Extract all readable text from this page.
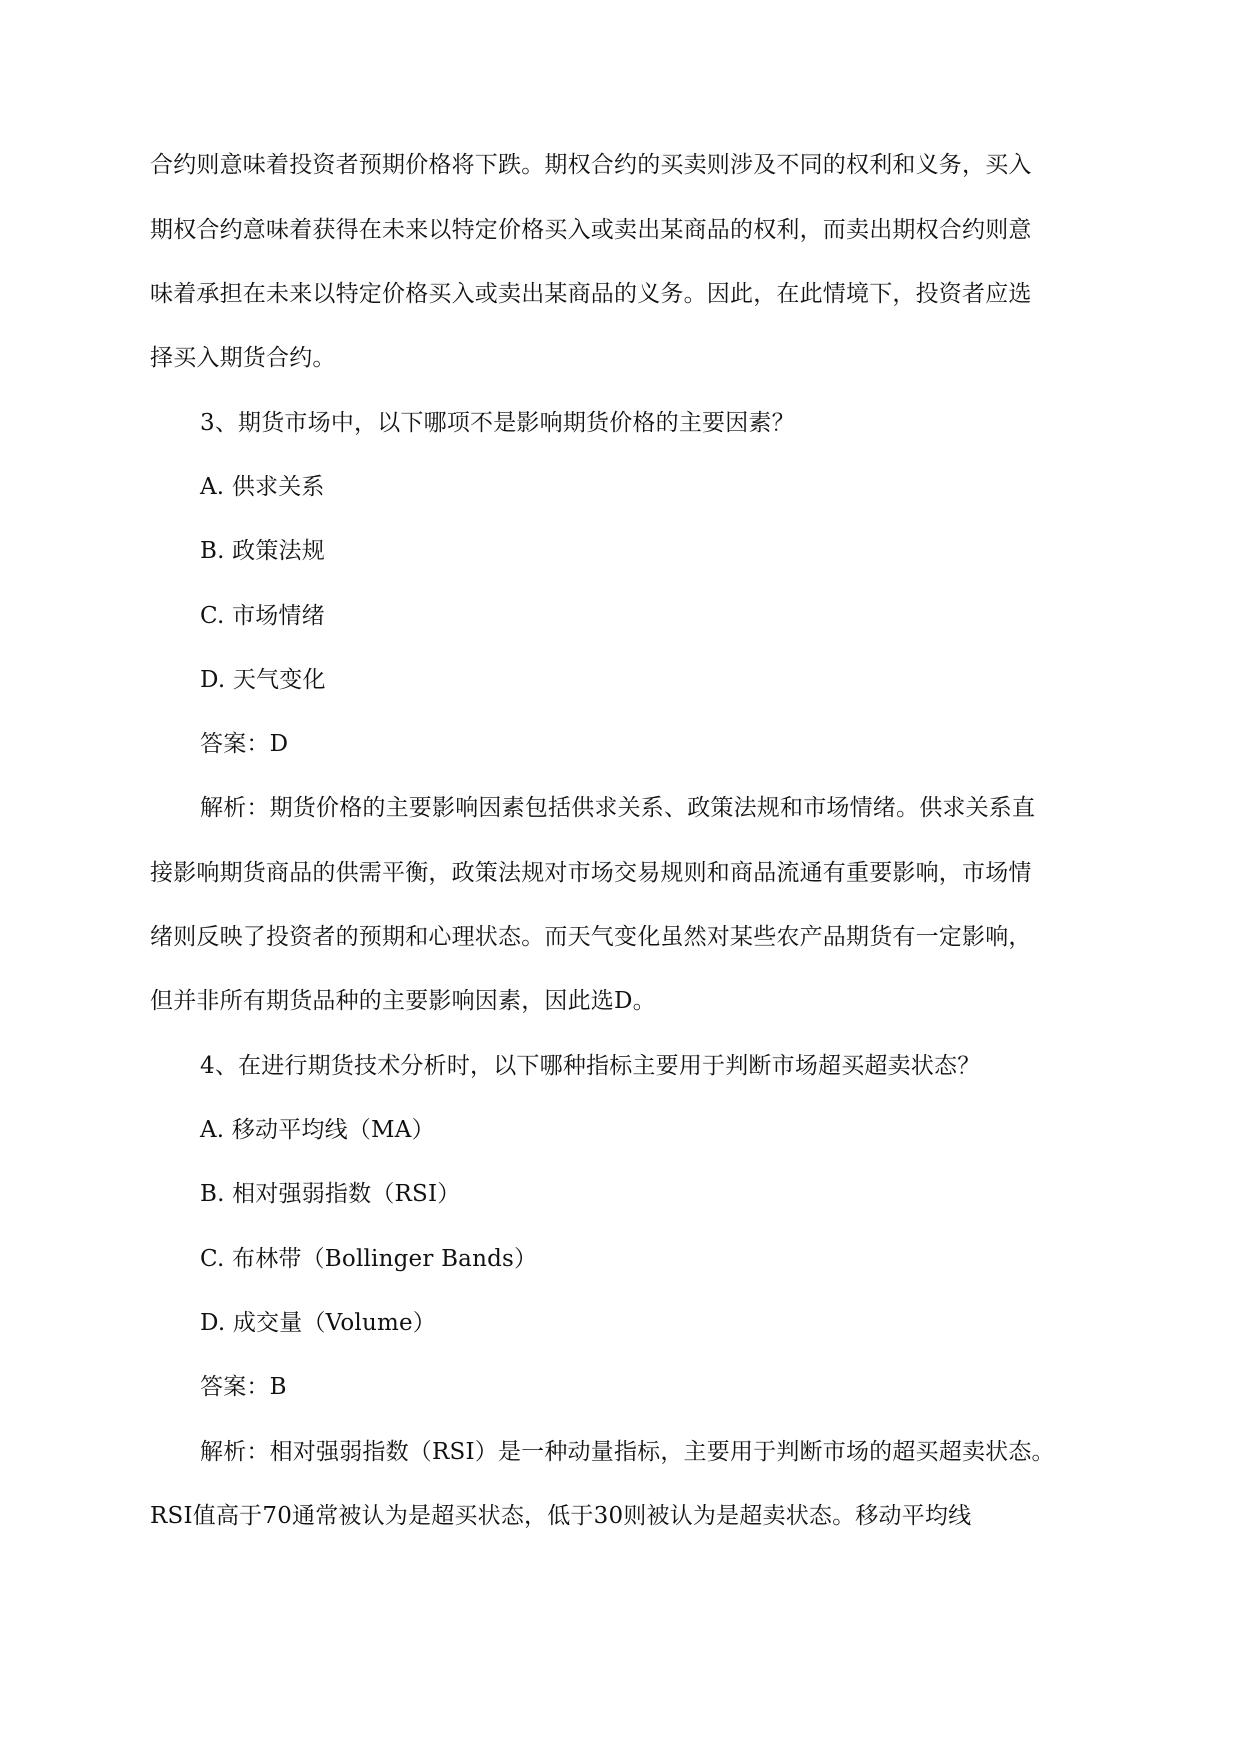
合约则意味着投资者预期价格将下跌。期权合约的买卖则涉及不同的权利和义务，买入
期权合约意味着获得在未来以特定价格买入或卖出某商品的权利，而卖出期权合约则意
味着承担在未来以特定价格买入或卖出某商品的义务。因此，在此情境下，投资者应选
择买入期货合约。
3、期货市场中，以下哪项不是影响期货价格的主要因素？
A. 供求关系
B. 政策法规
C. 市场情绪
D. 天气变化
答案：D
解析：期货价格的主要影响因素包括供求关系、政策法规和市场情绪。供求关系直
接影响期货商品的供需平衡，政策法规对市场交易规则和商品流通有重要影响，市场情
绪则反映了投资者的预期和心理状态。而天气变化虽然对某些农产品期货有一定影响，
但并非所有期货品种的主要影响因素，因此选D。
4、在进行期货技术分析时，以下哪种指标主要用于判断市场超买超卖状态？
A. 移动平均线（MA）
B. 相对强弱指数（RSI）
C. 布林带（Bollinger Bands）
D. 成交量（Volume）
答案：B
解析：相对强弱指数（RSI）是一种动量指标，主要用于判断市场的超买超卖状态。
RSI值高于70通常被认为是超买状态，低于30则被认为是超卖状态。移动平均线
